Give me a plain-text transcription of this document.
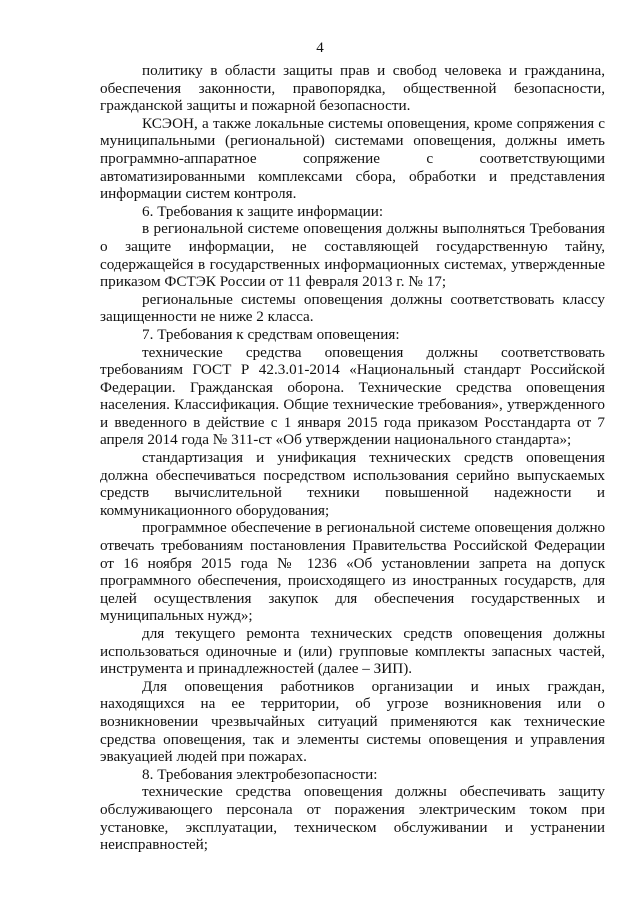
4

политику в области защиты прав и свобод человека и гражданина, обеспечения законности, правопорядка, общественной безопасности, гражданской защиты и пожарной безопасности.

КСЭОН, а также локальные системы оповещения, кроме сопряжения с муниципальными (региональной) системами оповещения, должны иметь программно-аппаратное сопряжение с соответствующими автоматизированными комплексами сбора, обработки и представления информации систем контроля.

6. Требования к защите информации:

в региональной системе оповещения должны выполняться Требования о защите информации, не составляющей государственную тайну, содержащейся в государственных информационных системах, утвержденные приказом ФСТЭК России от 11 февраля 2013 г. № 17;

региональные системы оповещения должны соответствовать классу защищенности не ниже 2 класса.

7. Требования к средствам оповещения:

технические средства оповещения должны соответствовать требованиям ГОСТ Р 42.3.01-2014 «Национальный стандарт Российской Федерации. Гражданская оборона. Технические средства оповещения населения. Классификация. Общие технические требования», утвержденного и введенного в действие с 1 января 2015 года приказом Росстандарта от 7 апреля 2014 года № 311-ст «Об утверждении национального стандарта»;

стандартизация и унификация технических средств оповещения должна обеспечиваться посредством использования серийно выпускаемых средств вычислительной техники повышенной надежности и коммуникационного оборудования;

программное обеспечение в региональной системе оповещения должно отвечать требованиям постановления Правительства Российской Федерации от 16 ноября 2015 года № 1236 «Об установлении запрета на допуск программного обеспечения, происходящего из иностранных государств, для целей осуществления закупок для обеспечения государственных и муниципальных нужд»;

для текущего ремонта технических средств оповещения должны использоваться одиночные и (или) групповые комплекты запасных частей, инструмента и принадлежностей (далее – ЗИП).

Для оповещения работников организации и иных граждан, находящихся на ее территории, об угрозе возникновения или о возникновении чрезвычайных ситуаций применяются как технические средства оповещения, так и элементы системы оповещения и управления эвакуацией людей при пожарах.

8. Требования электробезопасности:

технические средства оповещения должны обеспечивать защиту обслуживающего персонала от поражения электрическим током при установке, эксплуатации, техническом обслуживании и устранении неисправностей;
